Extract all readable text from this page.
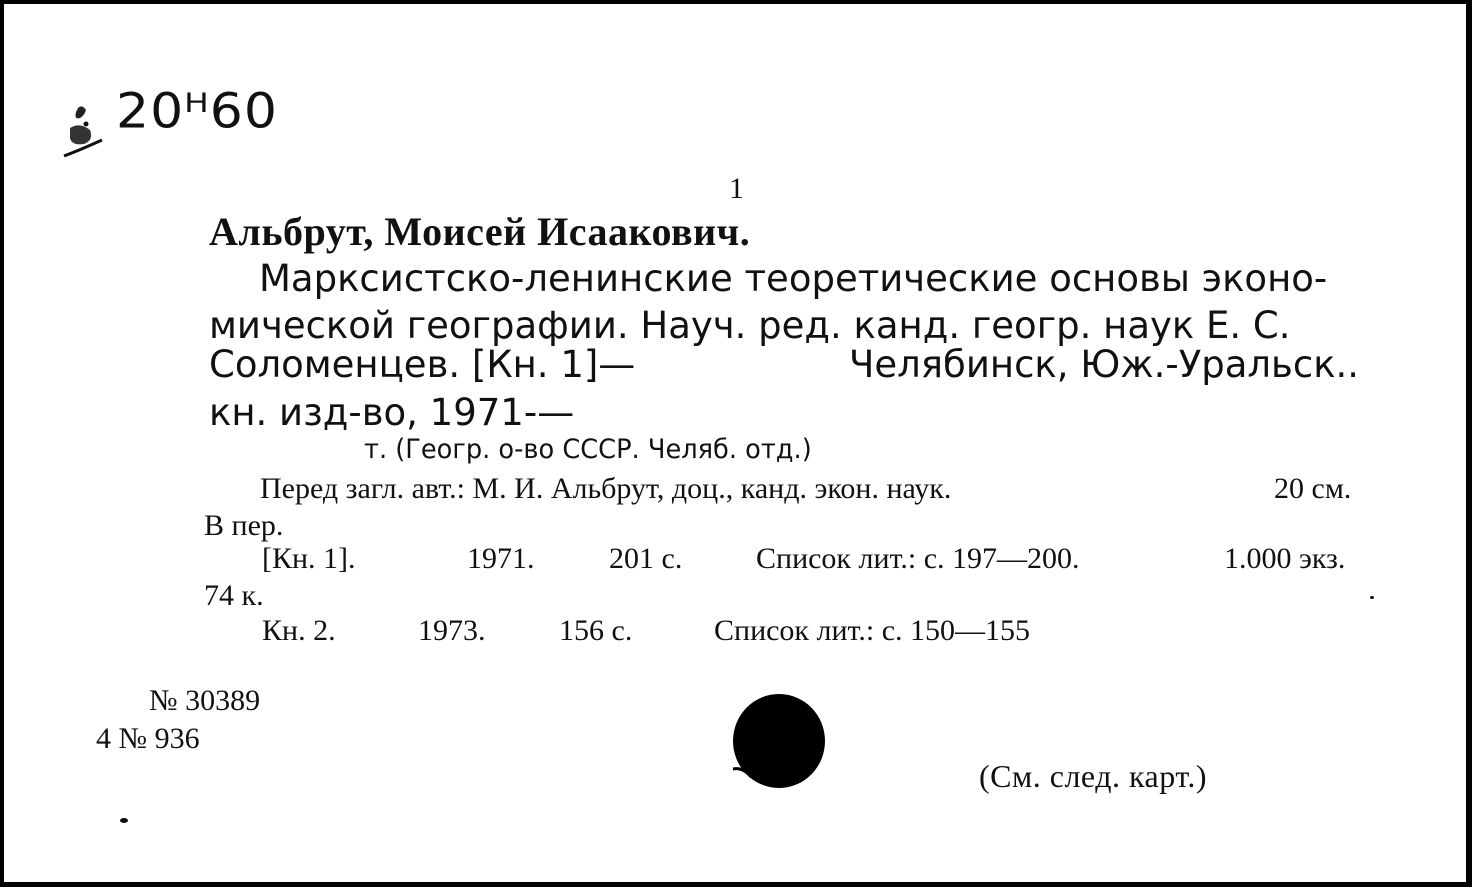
20ᴴ60
1
Альбрут, Моисей Исаакович.
Марксистско-ленинские теоретические основы эконо-
мической географии. Науч. ред. канд. геогр. наук Е. С.
Соломенцев. [Кн. 1]—	Челябинск, Юж.-Уральск..
кн. изд-во, 1971-—
т. (Геогр. о-во СССР. Челяб. отд.)
Перед загл. авт.: М. И. Альбрут, доц., канд. экон. наук.	20 см.
В пер.
[Кн. 1].	1971. 201 с. Список лит.: с. 197—200.	1.000 экз.
74 к.
Кн. 2.	1973. 156 с.	Список лит.: с. 150—155
№ 30389
4 № 936
(См. след. карт.)
